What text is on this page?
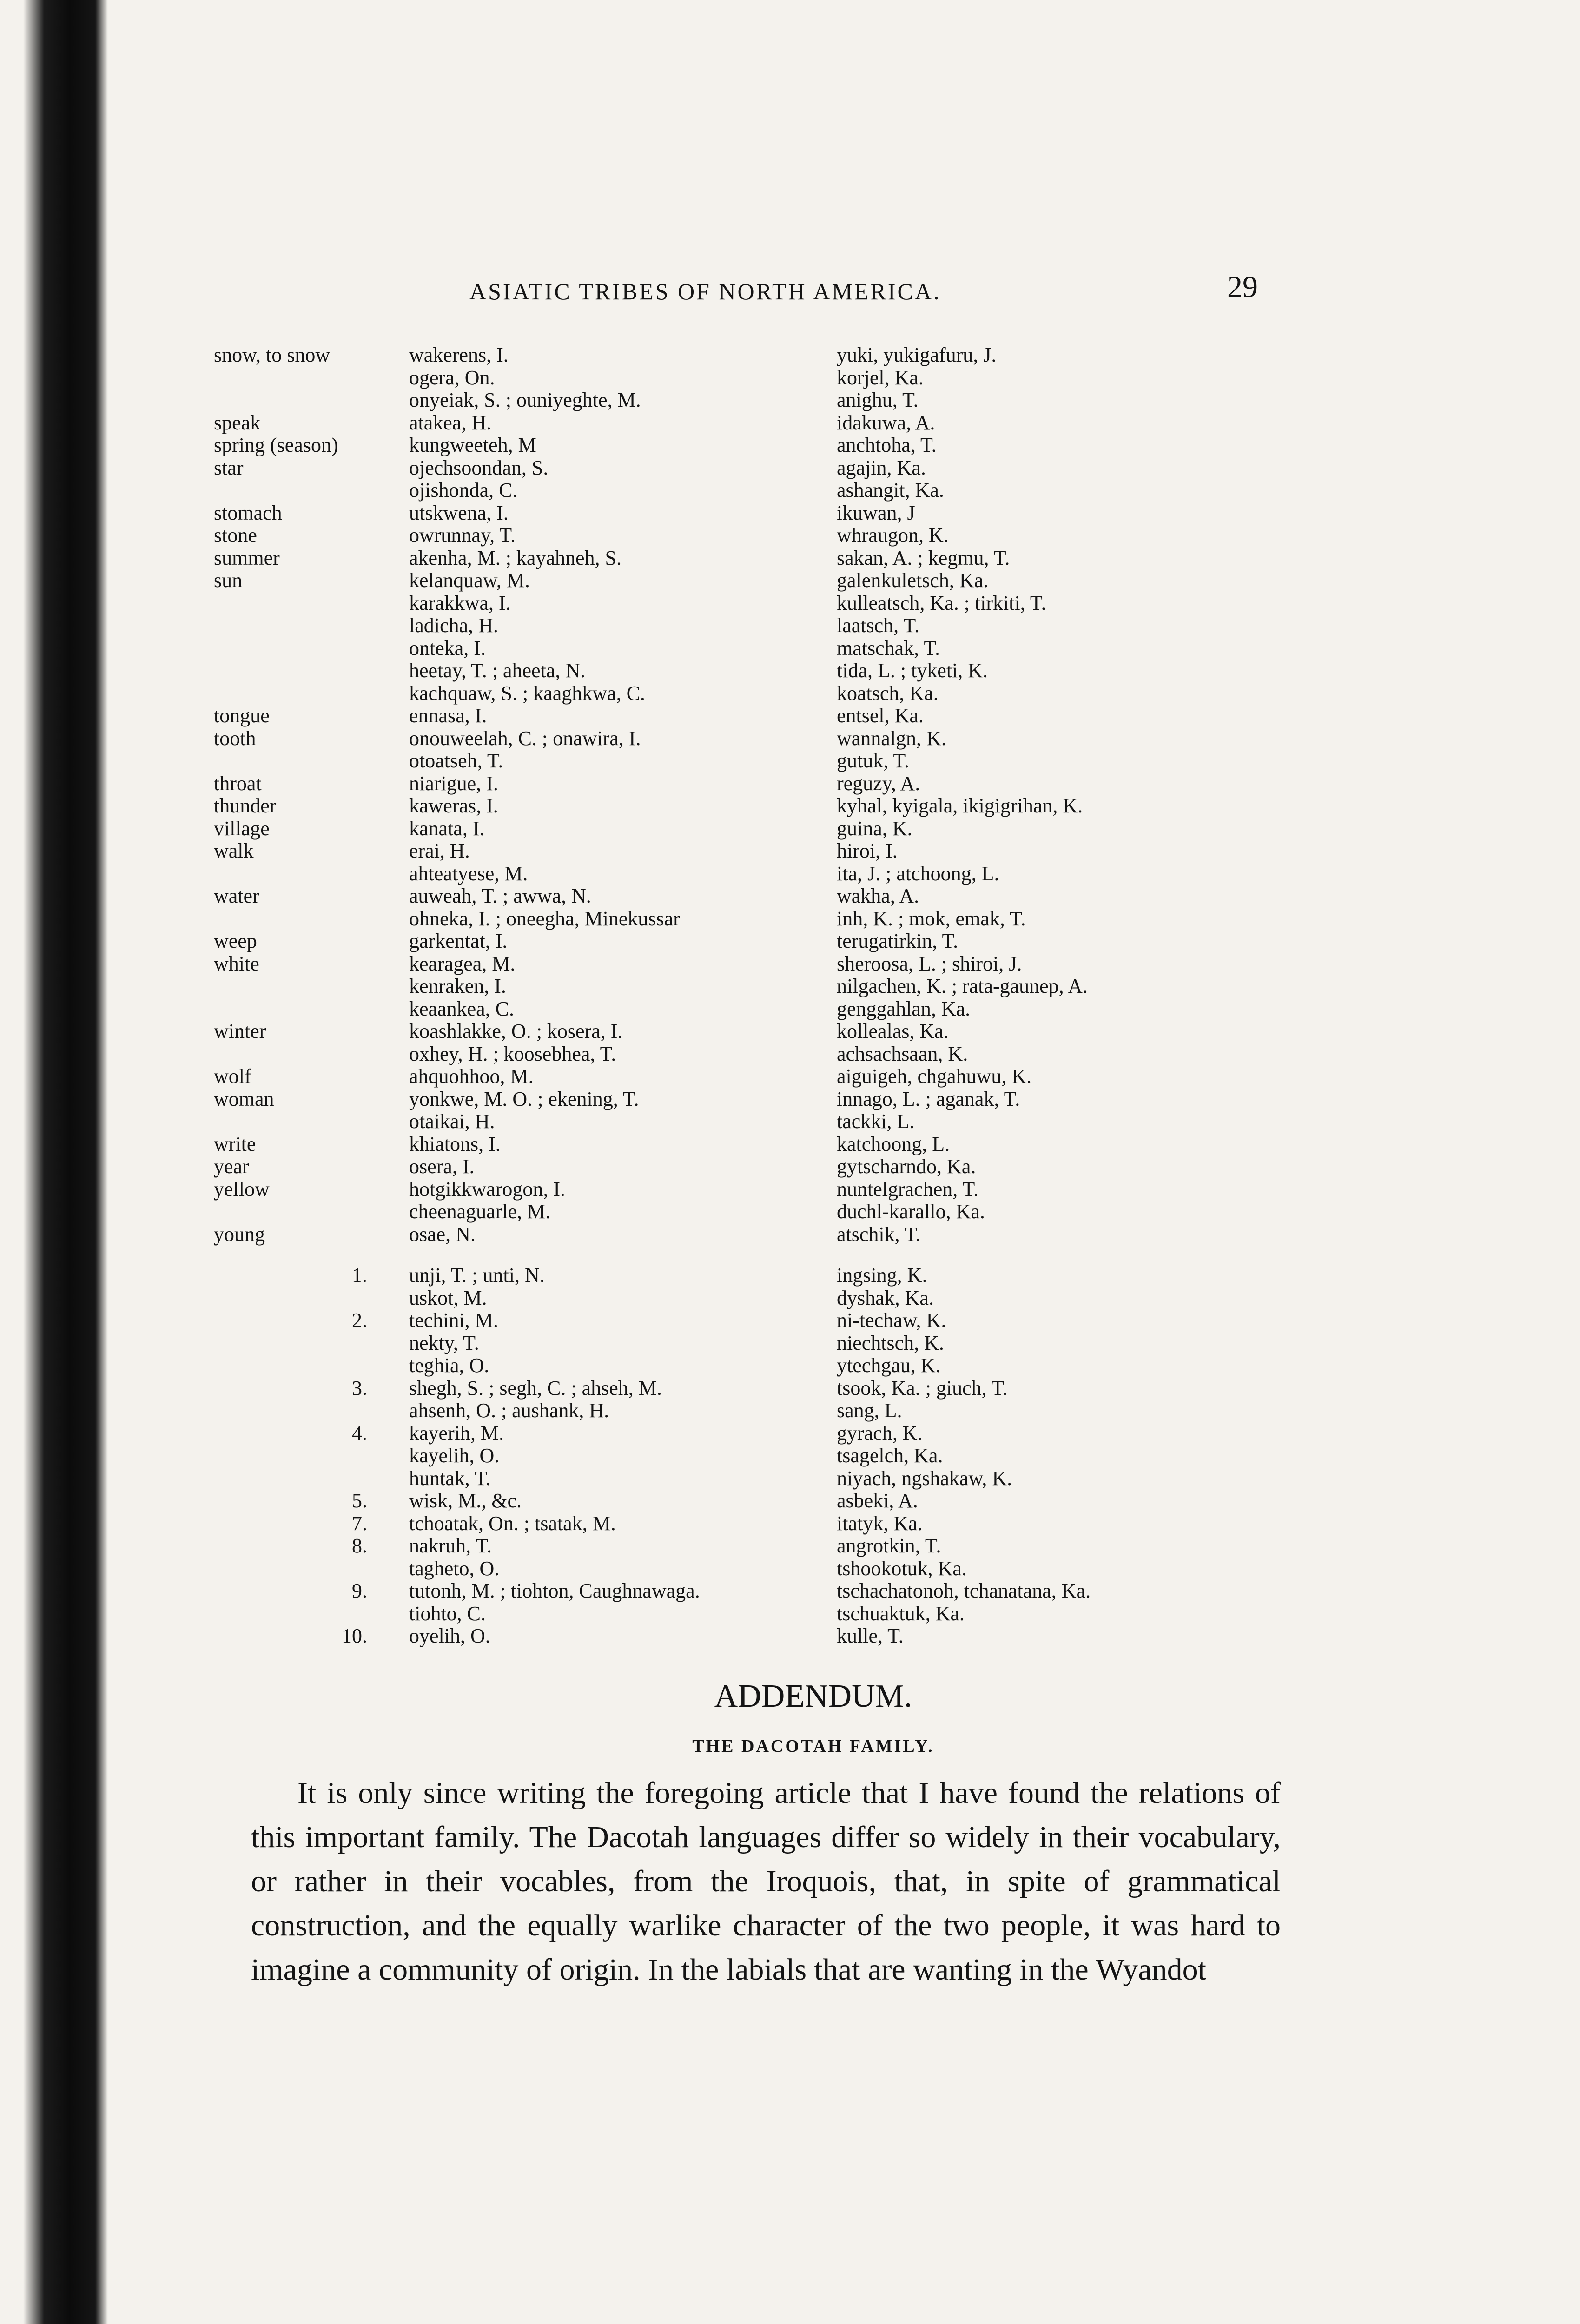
ASIATIC TRIBES OF NORTH AMERICA.	29
snow, to snow	wakerens, I.	yuki, yukigafuru, J.
ogera, On.	korjel, Ka.
onyeiak, S. ; ouniyeghte, M.	anighu, T.
speak	atakea, H.	idakuwa, A.
spring (season)	kungweeteh, M	anchtoha, T.
star	ojechsoondan, S.	agajin, Ka.
ojishonda, C.	ashangit, Ka.
stomach	utskwena, I.	ikuwan, J
stone	owrunnay, T.	whraugon, K.
summer	akenha, M. ; kayahneh, S.	sakan, A. ; kegmu, T.
sun	kelanquaw, M.	galenkuletsch, Ka.
karakkwa, I.	kulleatsch, Ka. ; tirkiti, T.
ladicha, H.	laatsch, T.
onteka, I.	matschak, T.
heetay, T. ; aheeta, N.	tida, L. ; tyketi, K.
kachquaw, S. ; kaaghkwa, C.	koatsch, Ka.
tongue	ennasa, I.	entsel, Ka.
tooth	onouweelah, C. ; onawira, I.	wannalgn, K.
otoatseh, T.	gutuk, T.
throat	niarigue, I.	reguzy, A.
thunder	kaweras, I.	kyhal, kyigala, ikigigrihan, K.
village	kanata, I.	guina, K.
walk	erai, H.	hiroi, I.
ahteatyese, M.	ita, J. ; atchoong, L.
water	auweah, T. ; awwa, N.	wakha, A.
ohneka, I. ; oneegha, Minekussar	inh, K. ; mok, emak, T.
weep	garkentat, I.	terugatirkin, T.
white	kearagea, M.	sheroosa, L. ; shiroi, J.
kenraken, I.	nilgachen, K. ; rata-gaunep, A.
keaankea, C.	genggahlan, Ka.
winter	koashlakke, O. ; kosera, I.	kollealas, Ka.
oxhey, H. ; koosebhea, T.	achsachsaan, K.
wolf	ahquohhoo, M.	aiguigeh, chgahuwu, K.
woman	yonkwe, M. O. ; ekening, T.	innago, L. ; aganak, T.
otaikai, H.	tackki, L.
write	khiatons, I.	katchoong, L.
year	osera, I.	gytscharndo, Ka.
yellow	hotgikkwarogon, I.	nuntelgrachen, T.
cheenaguarle, M.	duchl-karallo, Ka.
young	osae, N.	atschik, T.
1. unji, T. ; unti, N.	ingsing, K.
uskot, M.	dyshak, Ka.
2. techini, M.	ni-techaw, K.
nekty, T.	niechtsch, K.
teghia, O.	ytechgau, K.
3. shegh, S. ; segh, C. ; ahseh, M.	tsook, Ka. ; giuch, T.
ahsenh, O. ; aushank, H.	sang, L.
4. kayerih, M.	gyrach, K.
kayelih, O.	tsagelch, Ka.
huntak, T.	niyach, ngshakaw, K.
5. wisk, M., &c.	asbeki, A.
7. tchoatak, On. ; tsatak, M.	itatyk, Ka.
8. nakruh, T.	angrotkin, T.
tagheto, O.	tshookotuk, Ka.
9. tutonh, M. ; tiohton, Caughnawaga.	tschachatonoh, tchanatana, Ka.
tiohto, C.	tschuaktuk, Ka.
10. oyelih, O.	kulle, T.
ADDENDUM.
THE DACOTAH FAMILY.

It is only since writing the foregoing article that I have found the relations of this important family. The Dacotah languages differ so widely in their vocabulary, or rather in their vocables, from the Iroquois, that, in spite of grammatical construction, and the equally warlike character of the two people, it was hard to imagine a community of origin. In the labials that are wanting in the Wyandot
